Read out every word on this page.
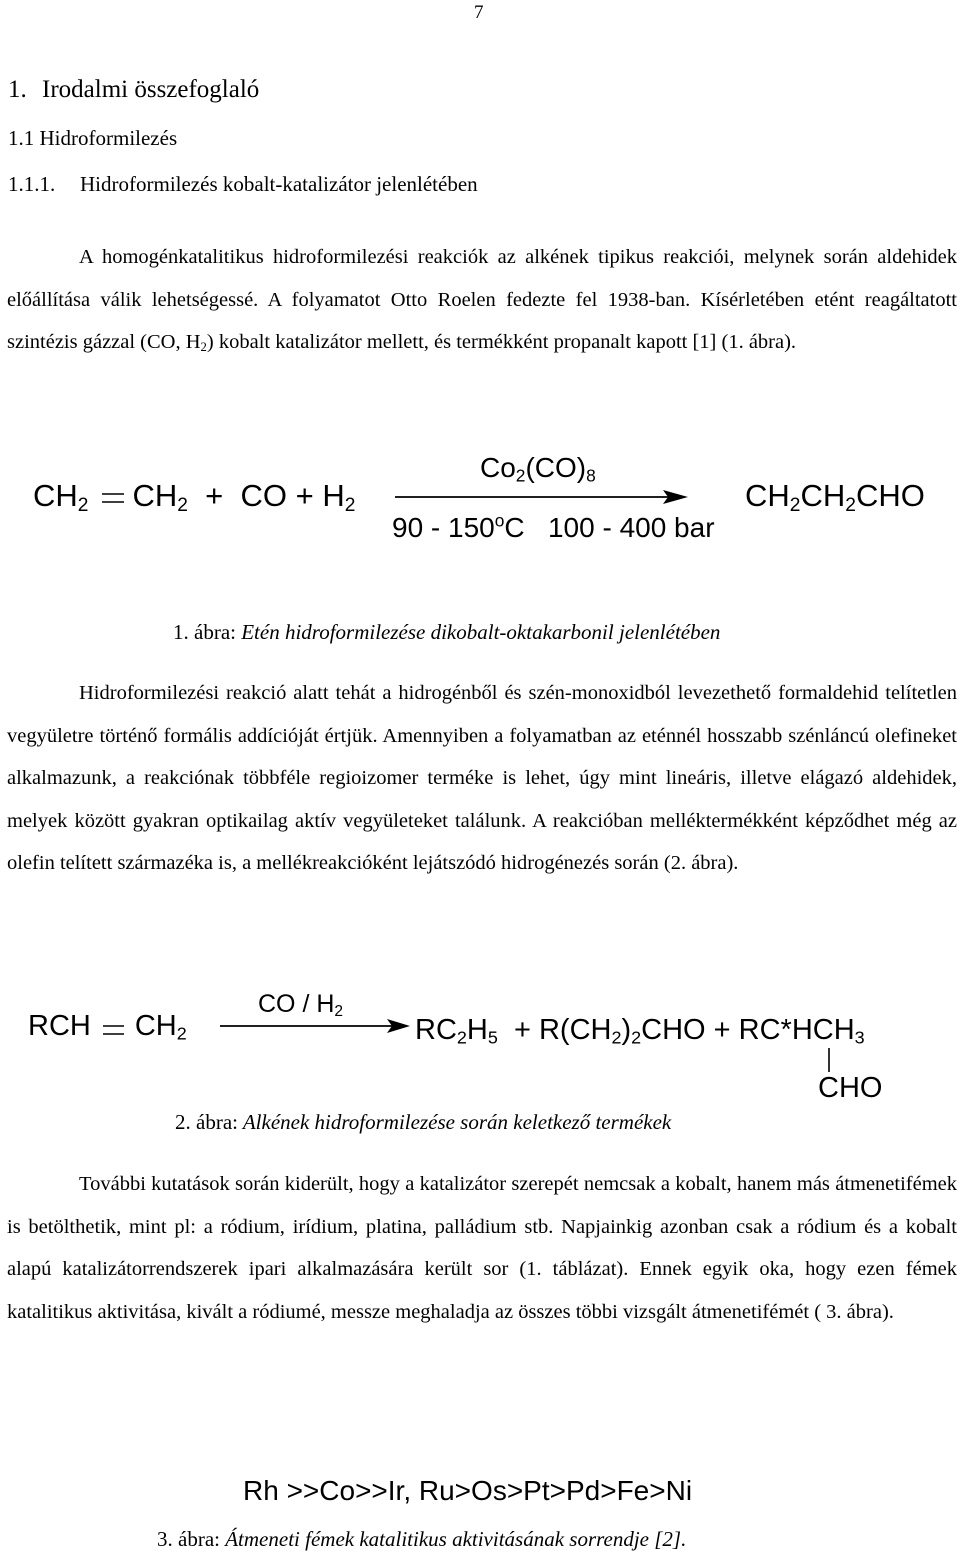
7
1. Irodalmi összefoglaló
1.1 Hidroformilezés
1.1.1. Hidroformilezés kobalt-katalizátor jelenlétében

A homogénkatalitikus hidroformilezési reakciók az alkének tipikus reakciói, melynek során aldehidek előállítása válik lehetségessé. A folyamatot Otto Roelen fedezte fel 1938-ban. Kísérletében etént reagáltatott szintézis gázzal (CO, $H_2$) kobalt katalizátor mellett, és termékként propanalt kapott [1] (1. ábra).

$CH_2$ $CH_2$ + CO + $H_2$
$Co_2(CO)_8$
90 - 150$^o$C   100 - 400 bar
$CH_2CH_2CHO$
1. ábra: Etén hidroformilezése dikobalt-oktakarbonil jelenlétében

Hidroformilezési reakció alatt tehát a hidrogénből és szén-monoxidból levezethető formaldehid telítetlen vegyületre történő formális addícióját értjük. Amennyiben a folyamatban az eténnél hosszabb szénláncú olefineket alkalmazunk, a reakciónak többféle regioizomer terméke is lehet, úgy mint lineáris, illetve elágazó aldehidek, melyek között gyakran optikailag aktív vegyületeket találunk. A reakcióban melléktermékként képződhet még az olefin telített származéka is, a mellékreakcióként lejátszódó hidrogénezés során (2. ábra).

RCH $CH_2$
CO / $H_2$
$RC_2H_5 + R(CH_2)_2CHO + RC*HCH_3$
CHO
2. ábra: Alkének hidroformilezése során keletkező termékek

További kutatások során kiderült, hogy a katalizátor szerepét nemcsak a kobalt, hanem más átmenetifémek is betölthetik, mint pl: a ródium, irídium, platina, palládium stb. Napjainkig azonban csak a ródium és a kobalt alapú katalizátorrendszerek ipari alkalmazására került sor (1. táblázat). Ennek egyik oka, hogy ezen fémek katalitikus aktivitása, kivált a ródiumé, messze meghaladja az összes többi vizsgált átmenetifémét ( 3. ábra).

Rh >>Co>>Ir, Ru>Os>Pt>Pd>Fe>Ni
3. ábra: Átmeneti fémek katalitikus aktivitásának sorrendje [2].
